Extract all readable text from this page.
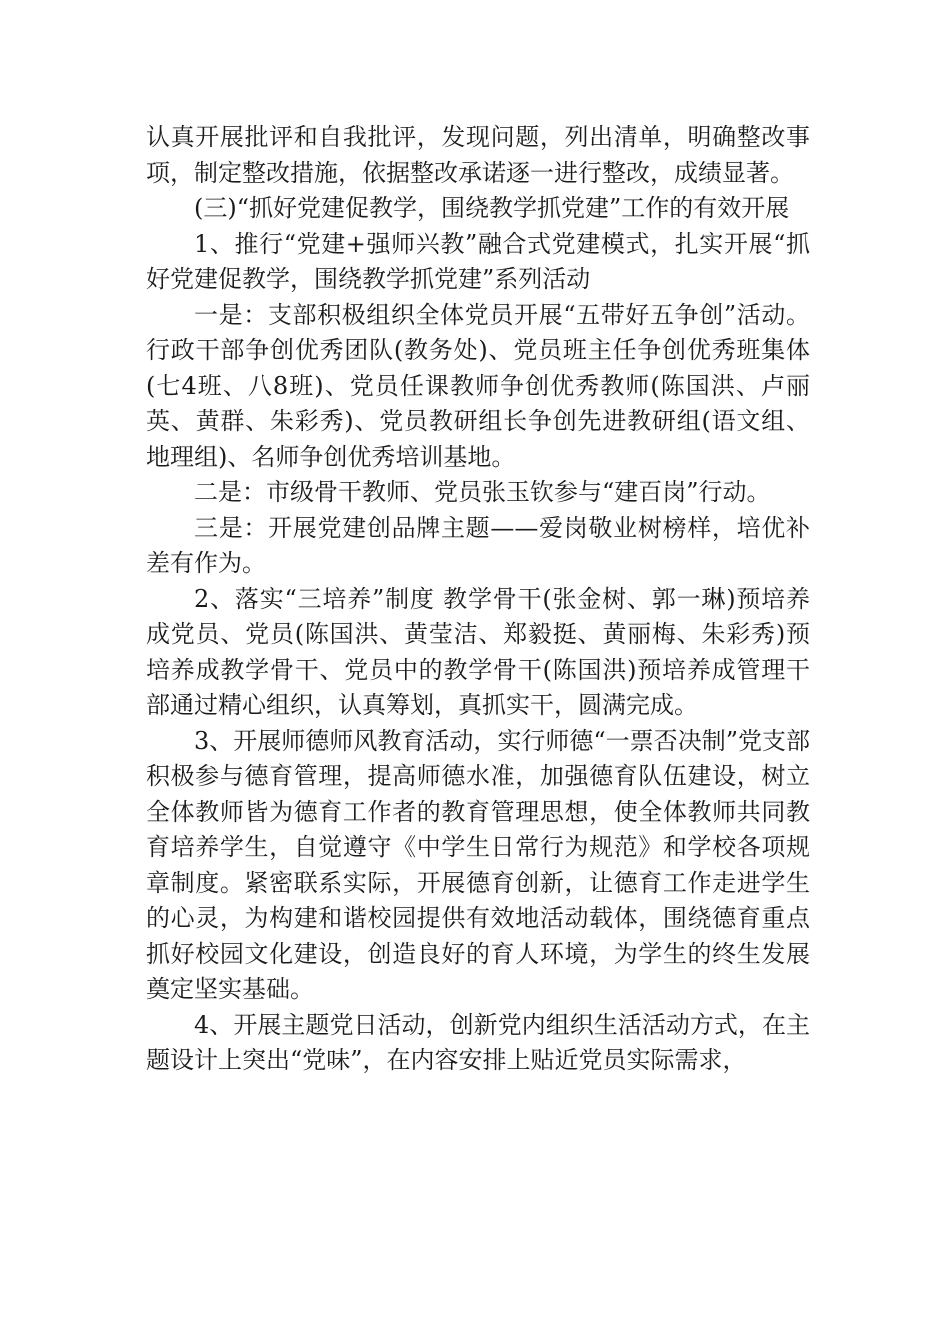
认真开展批评和自我批评，发现问题，列出清单，明确整改事项，制定整改措施，依据整改承诺逐一进行整改，成绩显著。

(三)“抓好党建促教学，围绕教学抓党建”工作的有效开展

1、推行“党建+强师兴教”融合式党建模式，扎实开展“抓好党建促教学，围绕教学抓党建”系列活动

一是：支部积极组织全体党员开展“五带好五争创”活动。行政干部争创优秀团队(教务处)、党员班主任争创优秀班集体(七4班、八8班)、党员任课教师争创优秀教师(陈国洪、卢丽英、黄群、朱彩秀)、党员教研组长争创先进教研组(语文组、地理组)、名师争创优秀培训基地。

二是：市级骨干教师、党员张玉钦参与“建百岗”行动。

三是：开展党建创品牌主题——爱岗敬业树榜样，培优补差有作为。

2、落实“三培养”制度 教学骨干(张金树、郭一琳)预培养成党员、党员(陈国洪、黄莹洁、郑毅挺、黄丽梅、朱彩秀)预培养成教学骨干、党员中的教学骨干(陈国洪)预培养成管理干部通过精心组织，认真筹划，真抓实干，圆满完成。

3、开展师德师风教育活动，实行师德“一票否决制”党支部积极参与德育管理，提高师德水准，加强德育队伍建设，树立全体教师皆为德育工作者的教育管理思想，使全体教师共同教育培养学生，自觉遵守《中学生日常行为规范》和学校各项规章制度。紧密联系实际，开展德育创新，让德育工作走进学生的心灵，为构建和谐校园提供有效地活动载体，围绕德育重点抓好校园文化建设，创造良好的育人环境，为学生的终生发展奠定坚实基础。

4、开展主题党日活动，创新党内组织生活活动方式，在主题设计上突出“党味”，在内容安排上贴近党员实际需求，
